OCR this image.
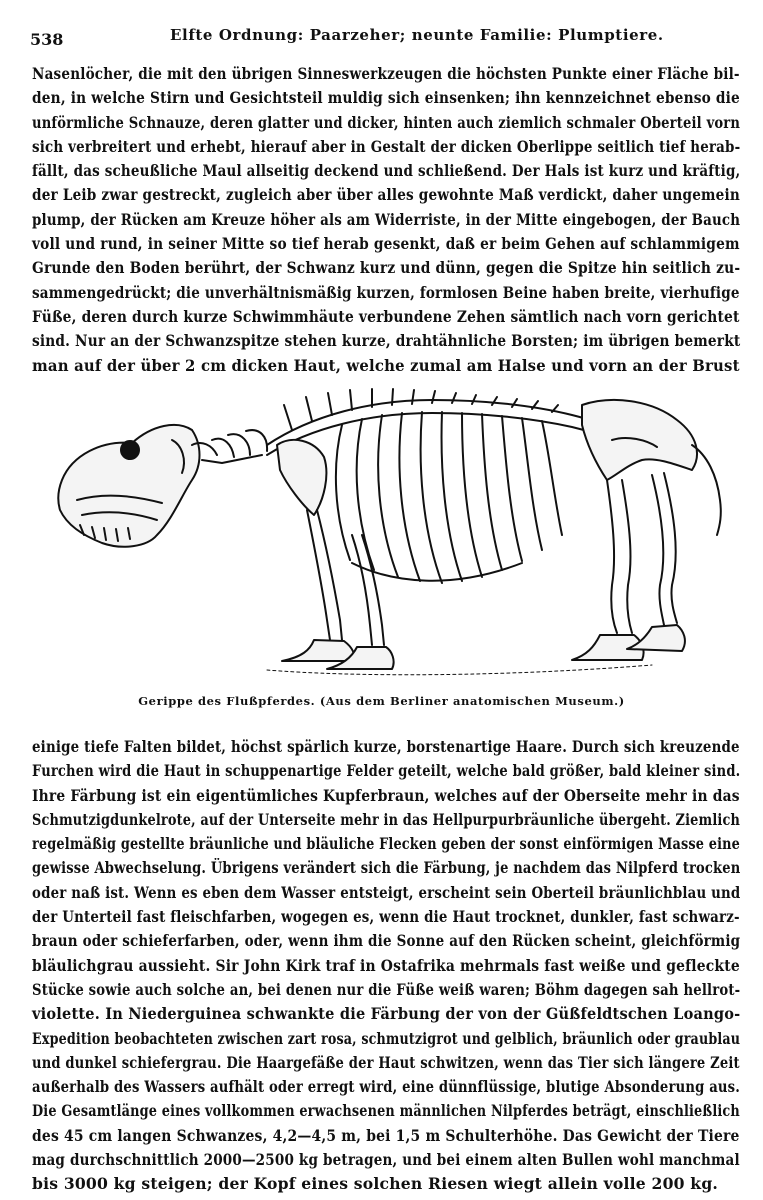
538	Elfte Ordnung: Paarzeher; neunte Familie: Plumptiere.

Nasenlöcher, die mit den übrigen Sinneswerkzeugen die höchsten Punkte einer Fläche bil-
den, in welche Stirn und Gesichtsteil muldig sich einsenken; ihn kennzeichnet ebenso die
unförmliche Schnauze, deren glatter und dicker, hinten auch ziemlich schmaler Oberteil vorn
sich verbreitert und erhebt, hierauf aber in Gestalt der dicken Oberlippe seitlich tief herab-
fällt, das scheußliche Maul allseitig deckend und schließend. Der Hals ist kurz und kräftig,
der Leib zwar gestreckt, zugleich aber über alles gewohnte Maß verdickt, daher ungemein
plump, der Rücken am Kreuze höher als am Widerriste, in der Mitte eingebogen, der Bauch
voll und rund, in seiner Mitte so tief herab gesenkt, daß er beim Gehen auf schlammigem
Grunde den Boden berührt, der Schwanz kurz und dünn, gegen die Spitze hin seitlich zu-
sammengedrückt; die unverhältnismäßig kurzen, formlosen Beine haben breite, vierhufige
Füße, deren durch kurze Schwimmhäute verbundene Zehen sämtlich nach vorn gerichtet
sind. Nur an der Schwanzspitze stehen kurze, drahtähnliche Borsten; im übrigen bemerkt
man auf der über 2 cm dicken Haut, welche zumal am Halse und vorn an der Brust

Gerippe des Flußpferdes. (Aus dem Berliner anatomischen Museum.)

einige tiefe Falten bildet, höchst spärlich kurze, borstenartige Haare. Durch sich kreuzende
Furchen wird die Haut in schuppenartige Felder geteilt, welche bald größer, bald kleiner sind.
Ihre Färbung ist ein eigentümliches Kupferbraun, welches auf der Oberseite mehr in das
Schmutzigdunkelrote, auf der Unterseite mehr in das Hellpurpurbräunliche übergeht. Ziemlich
regelmäßig gestellte bräunliche und bläuliche Flecken geben der sonst einförmigen Masse eine
gewisse Abwechselung. Übrigens verändert sich die Färbung, je nachdem das Nilpferd trocken
oder naß ist. Wenn es eben dem Wasser entsteigt, erscheint sein Oberteil bräunlichblau und
der Unterteil fast fleischfarben, wogegen es, wenn die Haut trocknet, dunkler, fast schwarz-
braun oder schieferfarben, oder, wenn ihm die Sonne auf den Rücken scheint, gleichförmig
bläulichgrau aussieht. Sir John Kirk traf in Ostafrika mehrmals fast weiße und gefleckte
Stücke sowie auch solche an, bei denen nur die Füße weiß waren; Böhm dagegen sah hellrot-
violette. In Niederguinea schwankte die Färbung der von der Güßfeldtschen Loango-
Expedition beobachteten zwischen zart rosa, schmutzigrot und gelblich, bräunlich oder graublau
und dunkel schiefergrau. Die Haargefäße der Haut schwitzen, wenn das Tier sich längere Zeit
außerhalb des Wassers aufhält oder erregt wird, eine dünnflüssige, blutige Absonderung aus.
Die Gesamtlänge eines vollkommen erwachsenen männlichen Nilpferdes beträgt, einschließlich
des 45 cm langen Schwanzes, 4,2—4,5 m, bei 1,5 m Schulterhöhe. Das Gewicht der Tiere
mag durchschnittlich 2000—2500 kg betragen, und bei einem alten Bullen wohl manchmal
bis 3000 kg steigen; der Kopf eines solchen Riesen wiegt allein volle 200 kg.
